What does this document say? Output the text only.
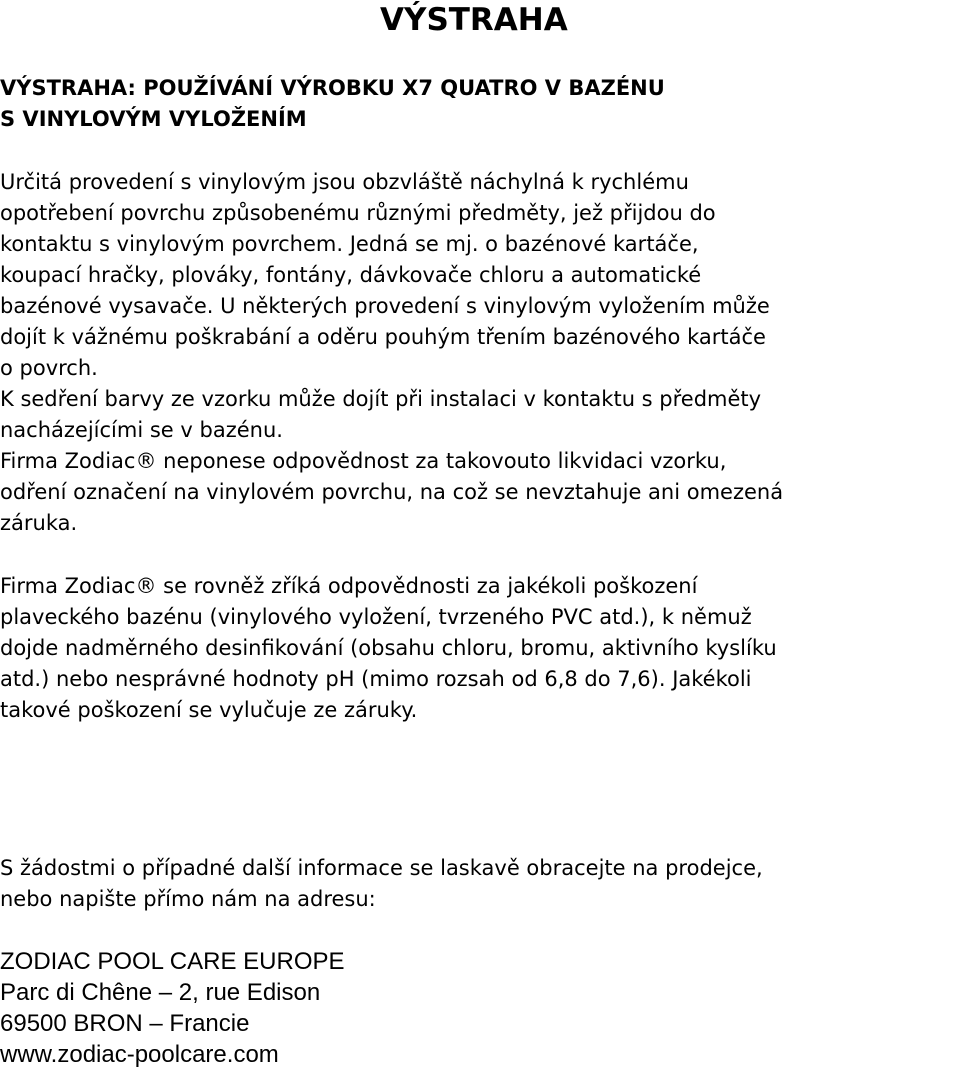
VÝSTRAHA
VÝSTRAHA: POUŽÍVÁNÍ VÝROBKU X7 QUATRO V BAZÉNU
S VINYLOVÝM VYLOŽENÍM
Určitá provedení s vinylovým jsou obzvláště náchylná k rychlému
opotřebení povrchu způsobenému různými předměty, jež přijdou do
kontaktu s vinylovým povrchem. Jedná se mj. o bazénové kartáče,
koupací hračky, plováky, fontány, dávkovače chloru a automatické
bazénové vysavače. U některých provedení s vinylovým vyložením může
dojít k vážnému poškrabání a oděru pouhým třením bazénového kartáče
o povrch.
K sedření barvy ze vzorku může dojít při instalaci v kontaktu s předměty
nacházejícími se v bazénu.
Firma Zodiac® neponese odpovědnost za takovouto likvidaci vzorku,
odření označení na vinylovém povrchu, na což se nevztahuje ani omezená
záruka.
Firma Zodiac® se rovněž zříká odpovědnosti za jakékoli poškození
plaveckého bazénu (vinylového vyložení, tvrzeného PVC atd.), k němuž
dojde nadměrného desinfikování (obsahu chloru, bromu, aktivního kyslíku
atd.) nebo nesprávné hodnoty pH (mimo rozsah od 6,8 do 7,6). Jakékoli
takové poškození se vylučuje ze záruky.
S žádostmi o případné další informace se laskavě obracejte na prodejce,
nebo napište přímo nám na adresu:
ZODIAC POOL CARE EUROPE
Parc di Chêne – 2, rue Edison
69500 BRON – Francie
www.zodiac-poolcare.com
